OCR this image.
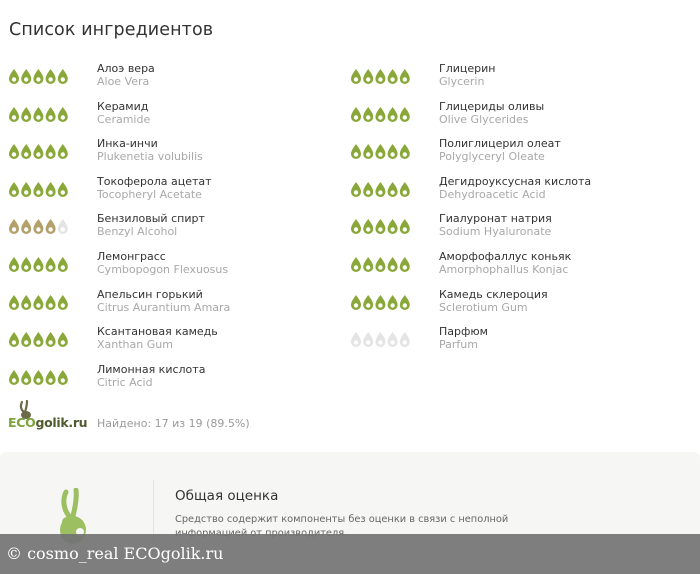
Список ингредиентов
Алоэ вера
Aloe Vera
Керамид
Ceramide
Инка-инчи
Plukenetia volubilis
Токоферола ацетат
Tocopheryl Acetate
Бензиловый спирт
Benzyl Alcohol
Лемонграсс
Cymbopogon Flexuosus
Апельсин горький
Citrus Aurantium Amara
Ксантановая камедь
Xanthan Gum
Лимонная кислота
Citric Acid
Глицерин
Glycerin
Глицериды оливы
Olive Glycerides
Полиглицерил олеат
Polyglyceryl Oleate
Дегидроуксусная кислота
Dehydroacetic Acid
Гиалуронат натрия
Sodium Hyaluronate
Аморфофаллус коньяк
Amorphophallus Konjac
Камедь склероция
Sclerotium Gum
Парфюм
Parfum
ECOgolik.ru Найдено: 17 из 19 (89.5%)
Общая оценка
Средство содержит компоненты без оценки в связи с неполной
© cosmo_real ECOgolik.ru
